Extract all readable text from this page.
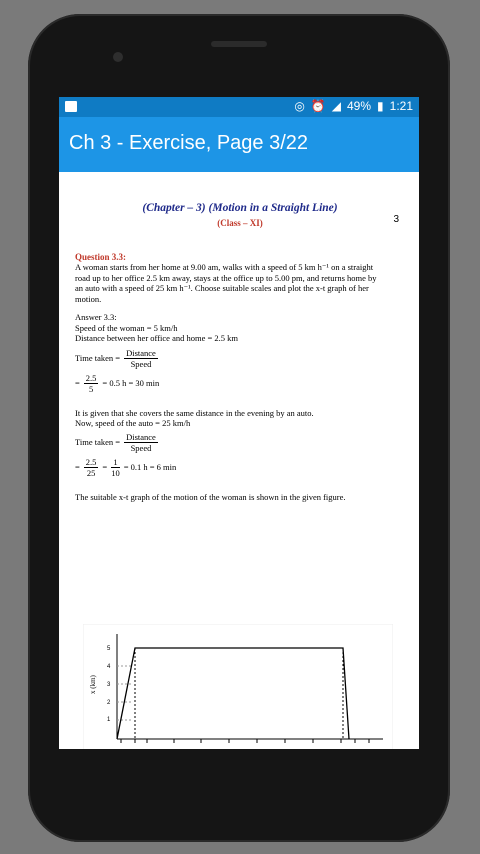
◎ ⏰ ◢ 49% ▮ 1:21
Ch 3 - Exercise, Page 3/22
(Chapter – 3) (Motion in a Straight Line)
(Class – XI)	3
Question 3.3:
A woman starts from her home at 9.00 am, walks with a speed of 5 km h⁻¹ on a straight
road up to her office 2.5 km away, stays at the office up to 5.00 pm, and returns home by
an auto with a speed of 25 km h⁻¹. Choose suitable scales and plot the x-t graph of her
motion.
Answer 3.3:
Speed of the woman = 5 km/h
Distance between her office and home = 2.5 km
Time taken = $\frac{\text{Distance}}{\text{Speed}}$
= $\frac{2.5}{5} = 0.5$ h = 30 min
It is given that she covers the same distance in the evening by an auto.
Now, speed of the auto = 25 km/h
Time taken = $\frac{\text{Distance}}{\text{Speed}}$
= $\frac{2.5}{25} = \frac{1}{10} = 0.1$ h = 6 min
The suitable x-t graph of the motion of the woman is shown in the given figure.
x (km)
1
2
3
4
5
